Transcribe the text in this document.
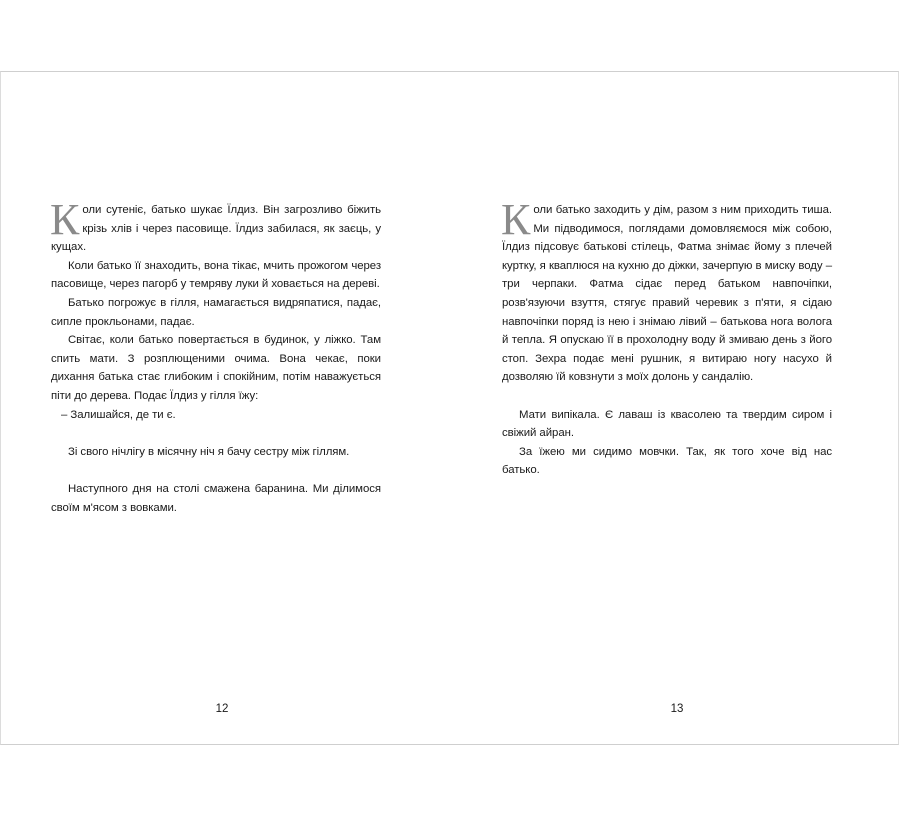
Коли сутеніє, батько шукає Їлдиз. Він загрозливо біжить крізь хлів і через пасовище. Їлдиз забилася, як заєць, у кущах.

Коли батько її знаходить, вона тікає, мчить прожогом через пасовище, через пагорб у темряву луки й ховається на дереві.

Батько погрожує в гілля, намагається видряпатися, падає, сипле прокльонами, падає.

Світає, коли батько повертається в будинок, у ліжко. Там спить мати. З розплющеними очима. Вона чекає, поки дихання батька стає глибоким і спокійним, потім наважується піти до дерева. Подає Їлдиз у гілля їжу:

– Залишайся, де ти є.

Зі свого нічлігу в місячну ніч я бачу сестру між гіллям.

Наступного дня на столі смажена баранина. Ми ділимося своїм м'ясом з вовками.

Коли батько заходить у дім, разом з ним приходить тиша. Ми підводимося, поглядами домовляємося між собою, Їлдиз підсовує батькові стілець, Фатма знімає йому з плечей куртку, я кваплюся на кухню до діжки, зачерпую в миску воду – три черпаки. Фатма сідає перед батьком навпочіпки, розв'язуючи взуття, стягує правий черевик з п'яти, я сідаю навпочіпки поряд із нею і знімаю лівий – батькова нога волога й тепла. Я опускаю її в прохолодну воду й змиваю день з його стоп. Зехра подає мені рушник, я витираю ногу насухо й дозволяю їй ковзнути з моїх долонь у сандалію.

Мати випікала. Є лаваш із квасолею та твердим сиром і свіжий айран.

За їжею ми сидимо мовчки. Так, як того хоче від нас батько.

12	13
